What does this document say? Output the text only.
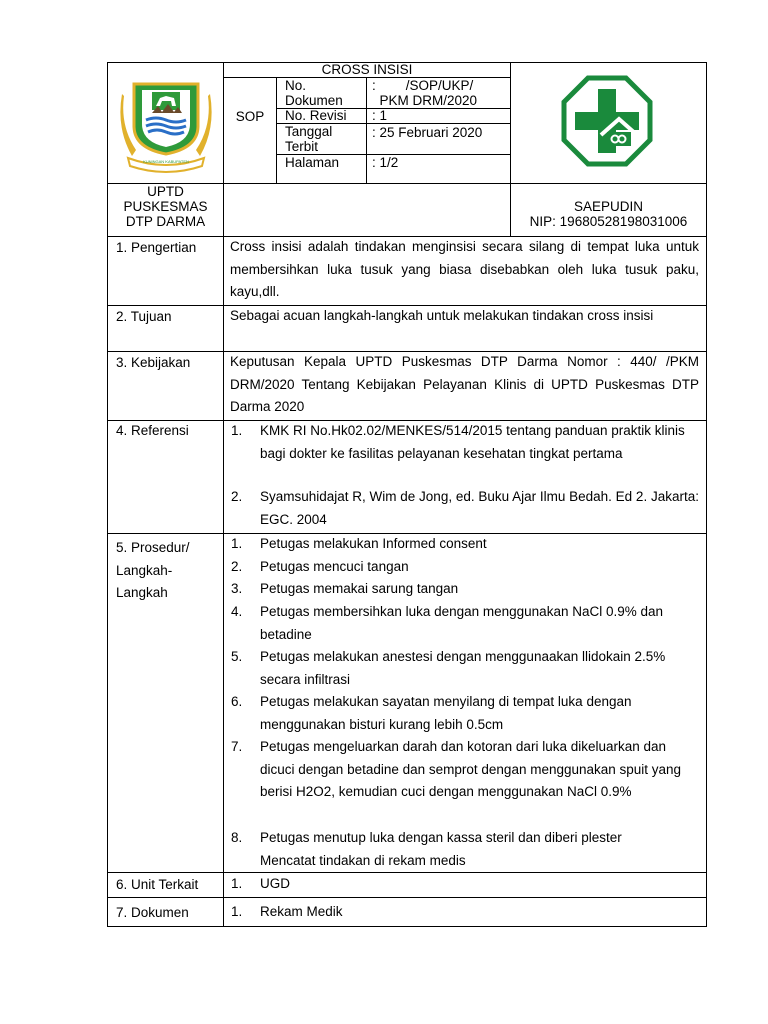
KUNINGAN KABUPATEN
CROSS INSISI
SOP
No.
Dokumen
:        /SOP/UKP/
PKM DRM/2020
No. Revisi : 1
Tanggal
Terbit
: 25 Februari 2020
Halaman : 1/2
UPTD
PUSKESMAS
DTP DARMA
SAEPUDIN
NIP: 19680528198031006
1. Pengertian
2. Tujuan
3. Kebijakan
4. Referensi
5. Prosedur/
Langkah-
Langkah
6. Unit Terkait
7. Dokumen
Cross insisi adalah tindakan menginsisi secara silang di tempat luka untuk membersihkan luka tusuk yang biasa disebabkan oleh luka tusuk paku, kayu,dll.
Sebagai acuan langkah-langkah untuk melakukan tindakan cross insisi
Keputusan Kepala UPTD Puskesmas DTP Darma Nomor : 440/ /PKM DRM/2020 Tentang Kebijakan Pelayanan Klinis di UPTD Puskesmas DTP Darma 2020
1. KMK RI No.Hk02.02/MENKES/514/2015 tentang panduan praktik klinis bagi dokter ke fasilitas pelayanan kesehatan tingkat pertama
2. Syamsuhidajat R, Wim de Jong, ed. Buku Ajar Ilmu Bedah. Ed 2. Jakarta: EGC. 2004
1. Petugas melakukan Informed consent
2. Petugas mencuci tangan
3. Petugas memakai sarung tangan
4. Petugas membersihkan luka dengan menggunakan NaCl 0.9% dan betadine
5. Petugas melakukan anestesi dengan menggunaakan llidokain 2.5% secara infiltrasi
6. Petugas melakukan sayatan menyilang di tempat luka dengan menggunakan bisturi kurang lebih 0.5cm
7. Petugas mengeluarkan darah dan kotoran dari luka dikeluarkan dan dicuci dengan betadine dan semprot dengan menggunakan spuit yang berisi H2O2, kemudian cuci dengan menggunakan NaCl 0.9%
8. Petugas menutup luka dengan kassa steril dan diberi plester Mencatat tindakan di rekam medis
1. UGD
1. Rekam Medik
